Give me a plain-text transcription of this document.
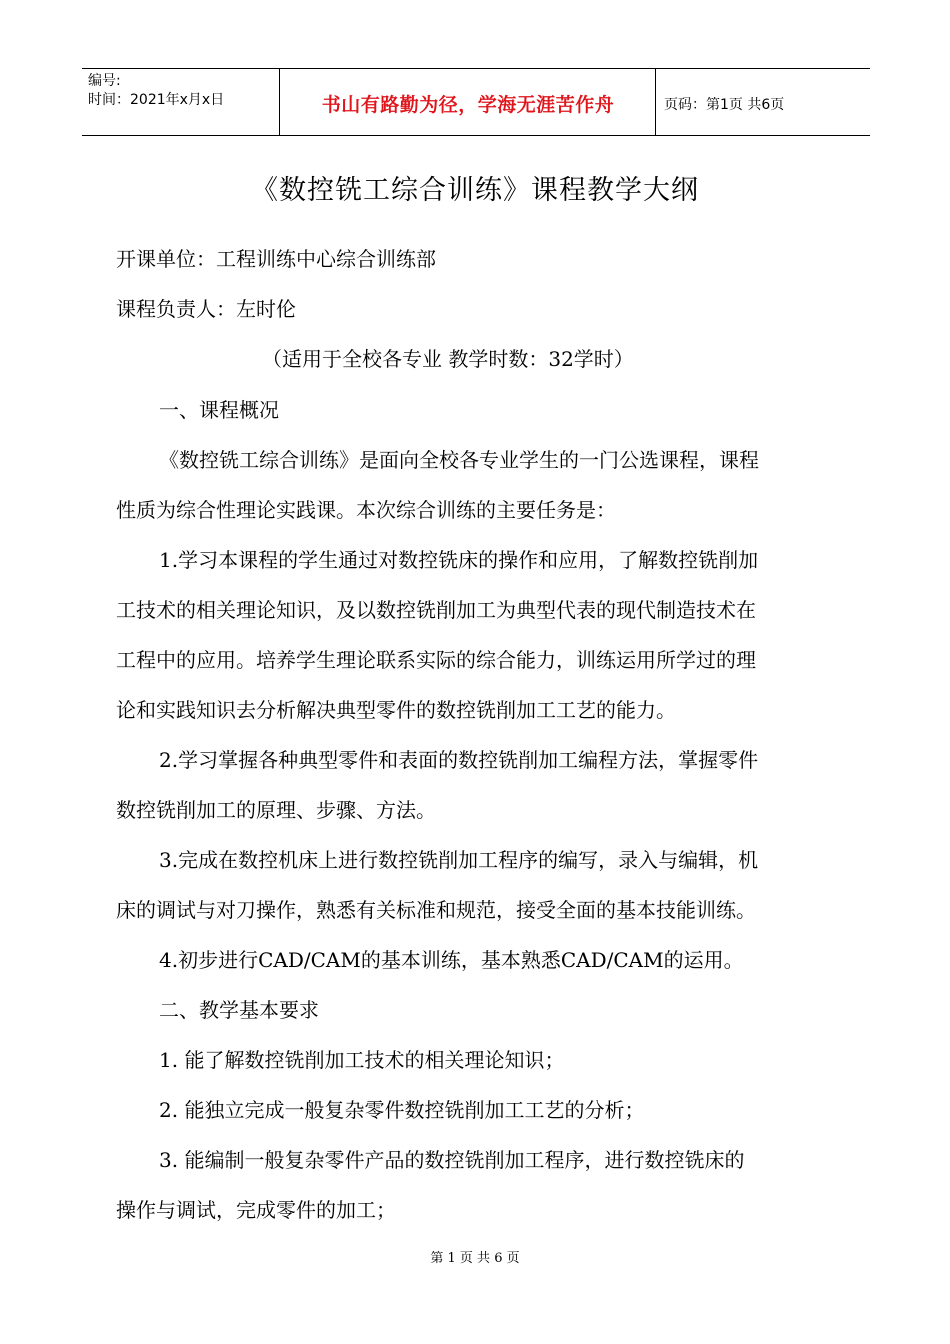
编号:
时间：2021年x月x日	书山有路勤为径，学海无涯苦作舟	页码：第1页 共6页
《数控铣工综合训练》课程教学大纲
开课单位：工程训练中心综合训练部
课程负责人：左时伦
（适用于全校各专业 教学时数：32学时）
一、课程概况
《数控铣工综合训练》是面向全校各专业学生的一门公选课程，课程
性质为综合性理论实践课。本次综合训练的主要任务是：
1.学习本课程的学生通过对数控铣床的操作和应用，了解数控铣削加
工技术的相关理论知识，及以数控铣削加工为典型代表的现代制造技术在
工程中的应用。培养学生理论联系实际的综合能力，训练运用所学过的理
论和实践知识去分析解决典型零件的数控铣削加工工艺的能力。
2.学习掌握各种典型零件和表面的数控铣削加工编程方法，掌握零件
数控铣削加工的原理、步骤、方法。
3.完成在数控机床上进行数控铣削加工程序的编写，录入与编辑，机
床的调试与对刀操作，熟悉有关标准和规范，接受全面的基本技能训练。
4.初步进行CAD/CAM的基本训练，基本熟悉CAD/CAM的运用。
二、教学基本要求
1. 能了解数控铣削加工技术的相关理论知识；
2. 能独立完成一般复杂零件数控铣削加工工艺的分析；
3. 能编制一般复杂零件产品的数控铣削加工程序，进行数控铣床的
操作与调试，完成零件的加工；
第 1 页 共 6 页
